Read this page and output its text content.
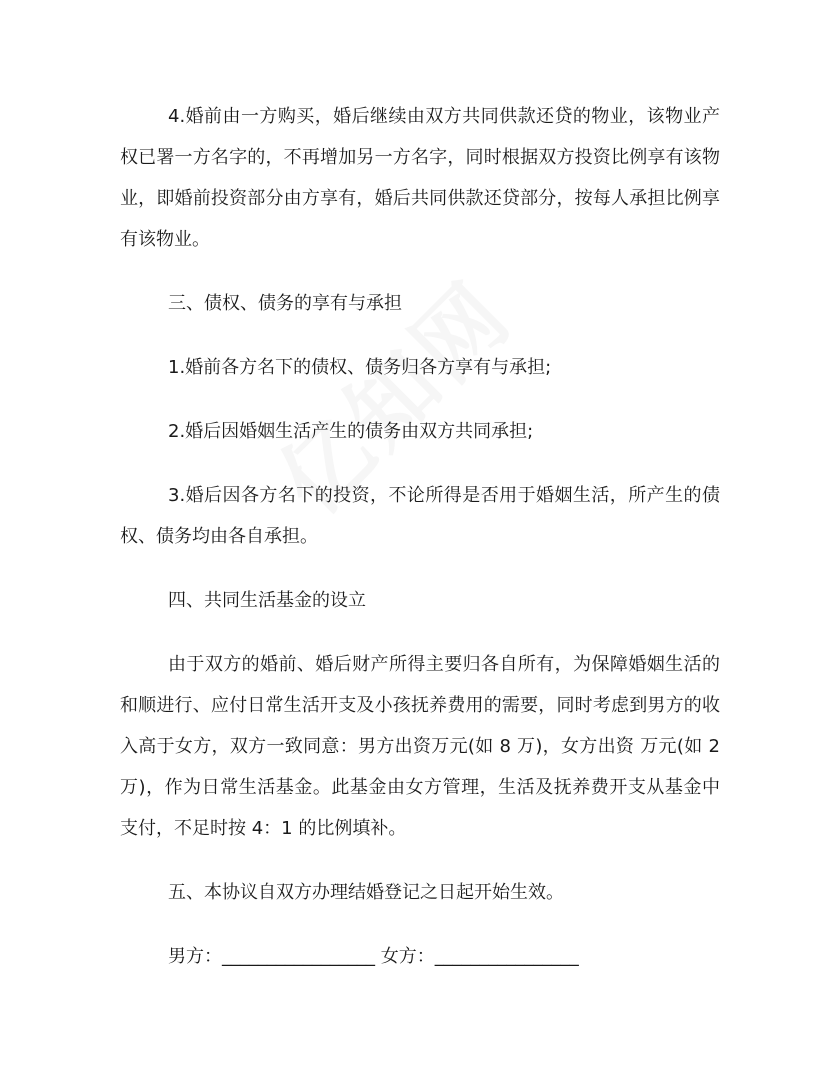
4.婚前由一方购买，婚后继续由双方共同供款还贷的物业，该物业产权已署一方名字的，不再增加另一方名字，同时根据双方投资比例享有该物业，即婚前投资部分由方享有，婚后共同供款还贷部分，按每人承担比例享有该物业。

三、债权、债务的享有与承担

1.婚前各方名下的债权、债务归各方享有与承担;

2.婚后因婚姻生活产生的债务由双方共同承担;

3.婚后因各方名下的投资，不论所得是否用于婚姻生活，所产生的债权、债务均由各自承担。

四、共同生活基金的设立

由于双方的婚前、婚后财产所得主要归各自所有，为保障婚姻生活的和顺进行、应付日常生活开支及小孩抚养费用的需要，同时考虑到男方的收入高于女方，双方一致同意：男方出资万元(如 8 万)，女方出资 万元(如 2 万)，作为日常生活基金。此基金由女方管理，生活及抚养费开支从基金中支付，不足时按 4：1 的比例填补。

五、本协议自双方办理结婚登记之日起开始生效。

男方：_________________ 女方：________________
